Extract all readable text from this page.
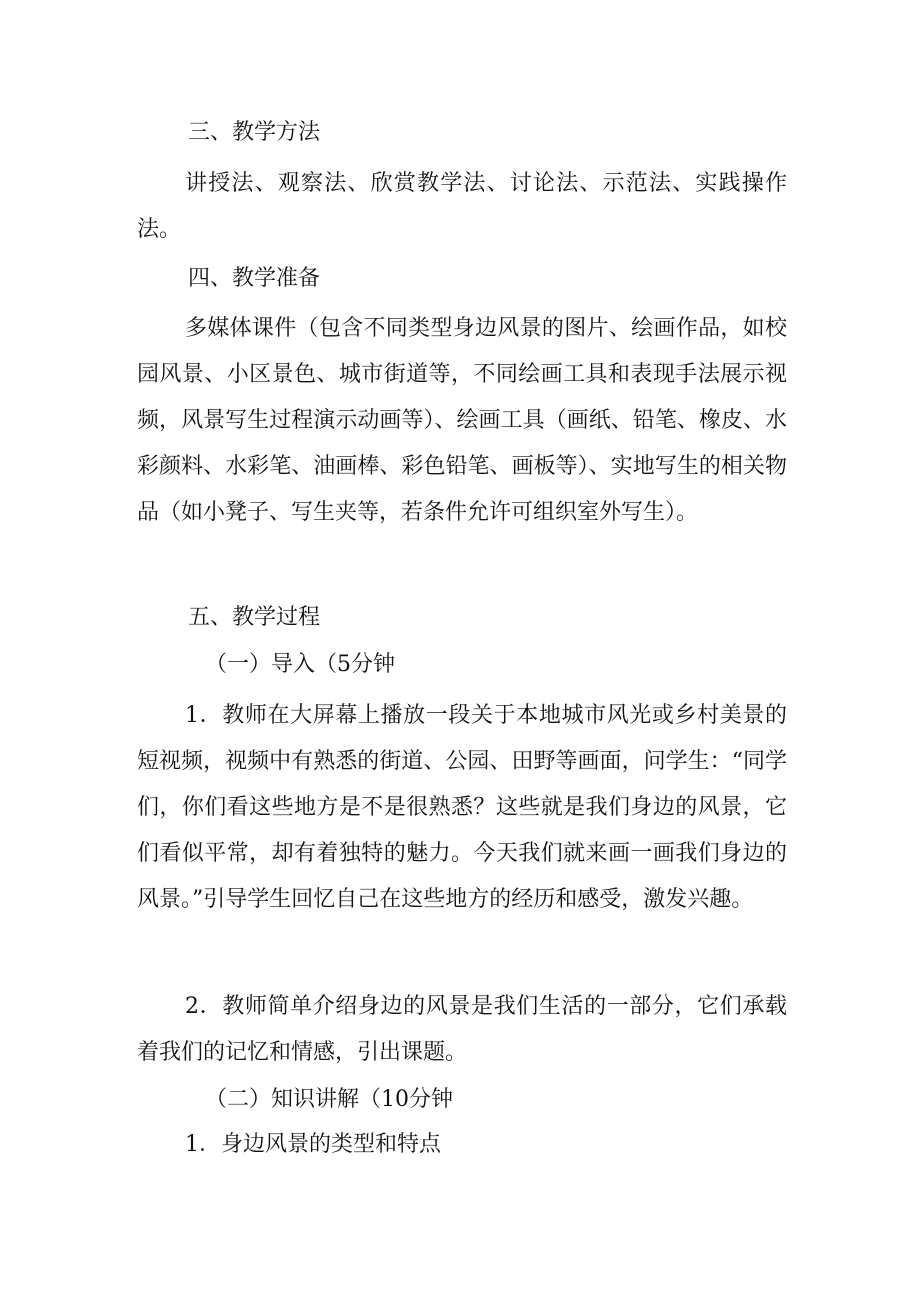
三、教学方法
讲授法、观察法、欣赏教学法、讨论法、示范法、实践操作法。
四、教学准备
多媒体课件（包含不同类型身边风景的图片、绘画作品，如校园风景、小区景色、城市街道等，不同绘画工具和表现手法展示视频，风景写生过程演示动画等）、绘画工具（画纸、铅笔、橡皮、水彩颜料、水彩笔、油画棒、彩色铅笔、画板等）、实地写生的相关物品（如小凳子、写生夹等，若条件允许可组织室外写生）。
五、教学过程
（一）导入（5分钟
1．教师在大屏幕上播放一段关于本地城市风光或乡村美景的短视频，视频中有熟悉的街道、公园、田野等画面，问学生：“同学们，你们看这些地方是不是很熟悉？这些就是我们身边的风景，它们看似平常，却有着独特的魅力。今天我们就来画一画我们身边的风景。”引导学生回忆自己在这些地方的经历和感受，激发兴趣。
2．教师简单介绍身边的风景是我们生活的一部分，它们承载着我们的记忆和情感，引出课题。
（二）知识讲解（10分钟
1．身边风景的类型和特点
